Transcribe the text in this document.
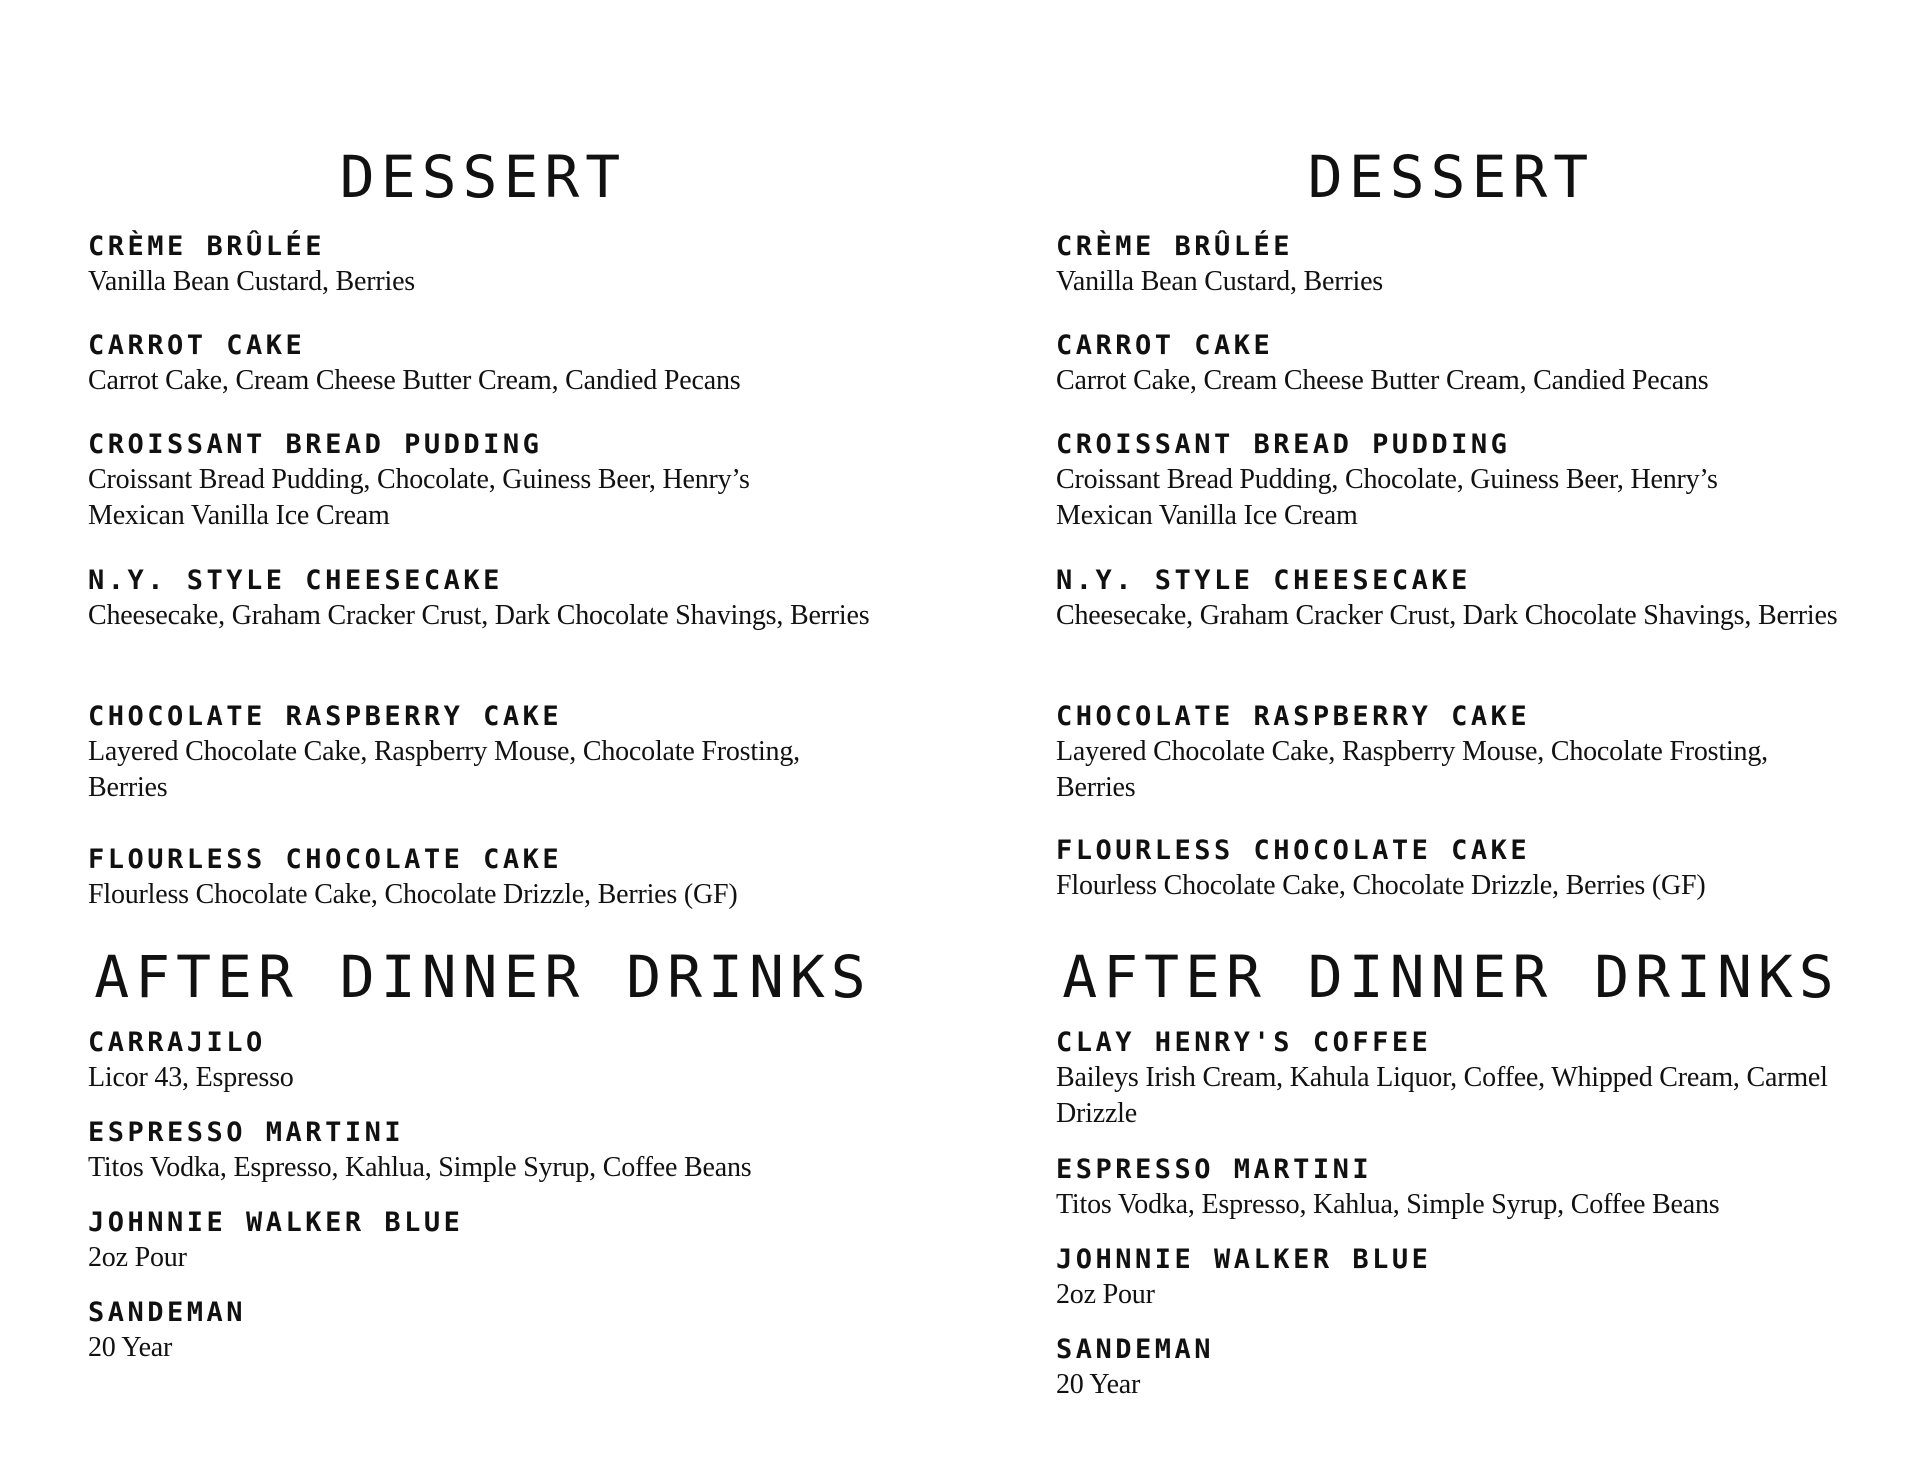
DESSERT
CRÈME BRÛLÉE
Vanilla Bean Custard, Berries
CARROT CAKE
Carrot Cake, Cream Cheese Butter Cream, Candied Pecans
CROISSANT BREAD PUDDING
Croissant Bread Pudding, Chocolate, Guiness Beer, Henry’s Mexican Vanilla Ice Cream
N.Y. STYLE CHEESECAKE
Cheesecake, Graham Cracker Crust, Dark Chocolate Shavings, Berries
CHOCOLATE RASPBERRY CAKE
Layered Chocolate Cake, Raspberry Mouse, Chocolate Frosting, Berries
FLOURLESS CHOCOLATE CAKE
Flourless Chocolate Cake, Chocolate Drizzle, Berries (GF)
AFTER DINNER DRINKS
CARRAJILO
Licor 43, Espresso
ESPRESSO MARTINI
Titos Vodka, Espresso, Kahlua, Simple Syrup, Coffee Beans
JOHNNIE WALKER BLUE
2oz Pour
SANDEMAN
20 Year
DESSERT
CRÈME BRÛLÉE
Vanilla Bean Custard, Berries
CARROT CAKE
Carrot Cake, Cream Cheese Butter Cream, Candied Pecans
CROISSANT BREAD PUDDING
Croissant Bread Pudding, Chocolate, Guiness Beer, Henry’s Mexican Vanilla Ice Cream
N.Y. STYLE CHEESECAKE
Cheesecake, Graham Cracker Crust, Dark Chocolate Shavings, Berries
CHOCOLATE RASPBERRY CAKE
Layered Chocolate Cake, Raspberry Mouse, Chocolate Frosting, Berries
FLOURLESS CHOCOLATE CAKE
Flourless Chocolate Cake, Chocolate Drizzle, Berries (GF)
AFTER DINNER DRINKS
CLAY HENRY'S COFFEE
Baileys Irish Cream, Kahula Liquor, Coffee, Whipped Cream, Carmel Drizzle
ESPRESSO MARTINI
Titos Vodka, Espresso, Kahlua, Simple Syrup, Coffee Beans
JOHNNIE WALKER BLUE
2oz Pour
SANDEMAN
20 Year
